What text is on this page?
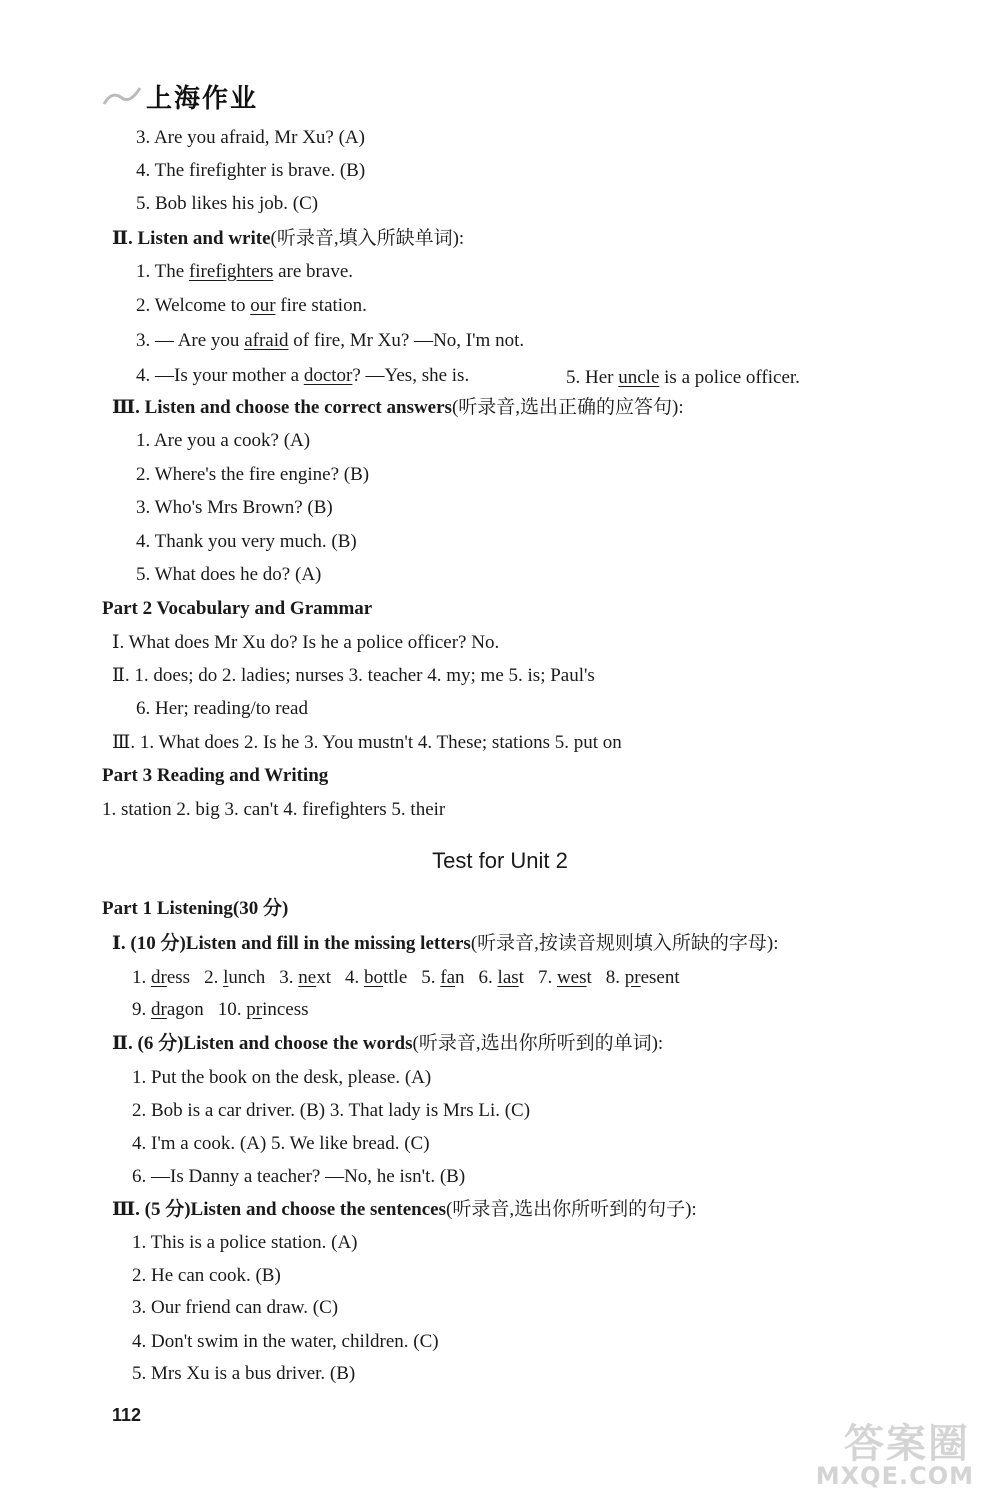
上海作业
3. Are you afraid, Mr Xu? (A)
4. The firefighter is brave. (B)
5. Bob likes his job. (C)
Ⅱ. Listen and write(听录音,填入所缺单词):
1. The firefighters are brave.
2. Welcome to our fire station.
3. — Are you afraid of fire, Mr Xu? —No, I'm not.
4. —Is your mother a doctor? —Yes, she is.	5. Her uncle is a police officer.
Ⅲ. Listen and choose the correct answers(听录音,选出正确的应答句):
1. Are you a cook? (A)
2. Where's the fire engine? (B)
3. Who's Mrs Brown? (B)
4. Thank you very much. (B)
5. What does he do? (A)
Part 2 Vocabulary and Grammar
Ⅰ. What does Mr Xu do? Is he a police officer? No.
Ⅱ. 1. does; do 2. ladies; nurses 3. teacher 4. my; me 5. is; Paul's
6. Her; reading/to read
Ⅲ. 1. What does 2. Is he 3. You mustn't 4. These; stations 5. put on
Part 3 Reading and Writing
1. station 2. big 3. can't 4. firefighters 5. their
Test for Unit 2
Part 1 Listening(30 分)
Ⅰ. (10 分)Listen and fill in the missing letters(听录音,按读音规则填入所缺的字母):
1. dress 2. lunch 3. next 4. bottle 5. fan 6. last 7. west 8. present
9. dragon 10. princess
Ⅱ. (6 分)Listen and choose the words(听录音,选出你所听到的单词):
1. Put the book on the desk, please. (A)
2. Bob is a car driver. (B) 3. That lady is Mrs Li. (C)
4. I'm a cook. (A) 5. We like bread. (C)
6. —Is Danny a teacher? —No, he isn't. (B)
Ⅲ. (5 分)Listen and choose the sentences(听录音,选出你所听到的句子):
1. This is a police station. (A)
2. He can cook. (B)
3. Our friend can draw. (C)
4. Don't swim in the water, children. (C)
5. Mrs Xu is a bus driver. (B)
112
答案圈
MXQE.COM
